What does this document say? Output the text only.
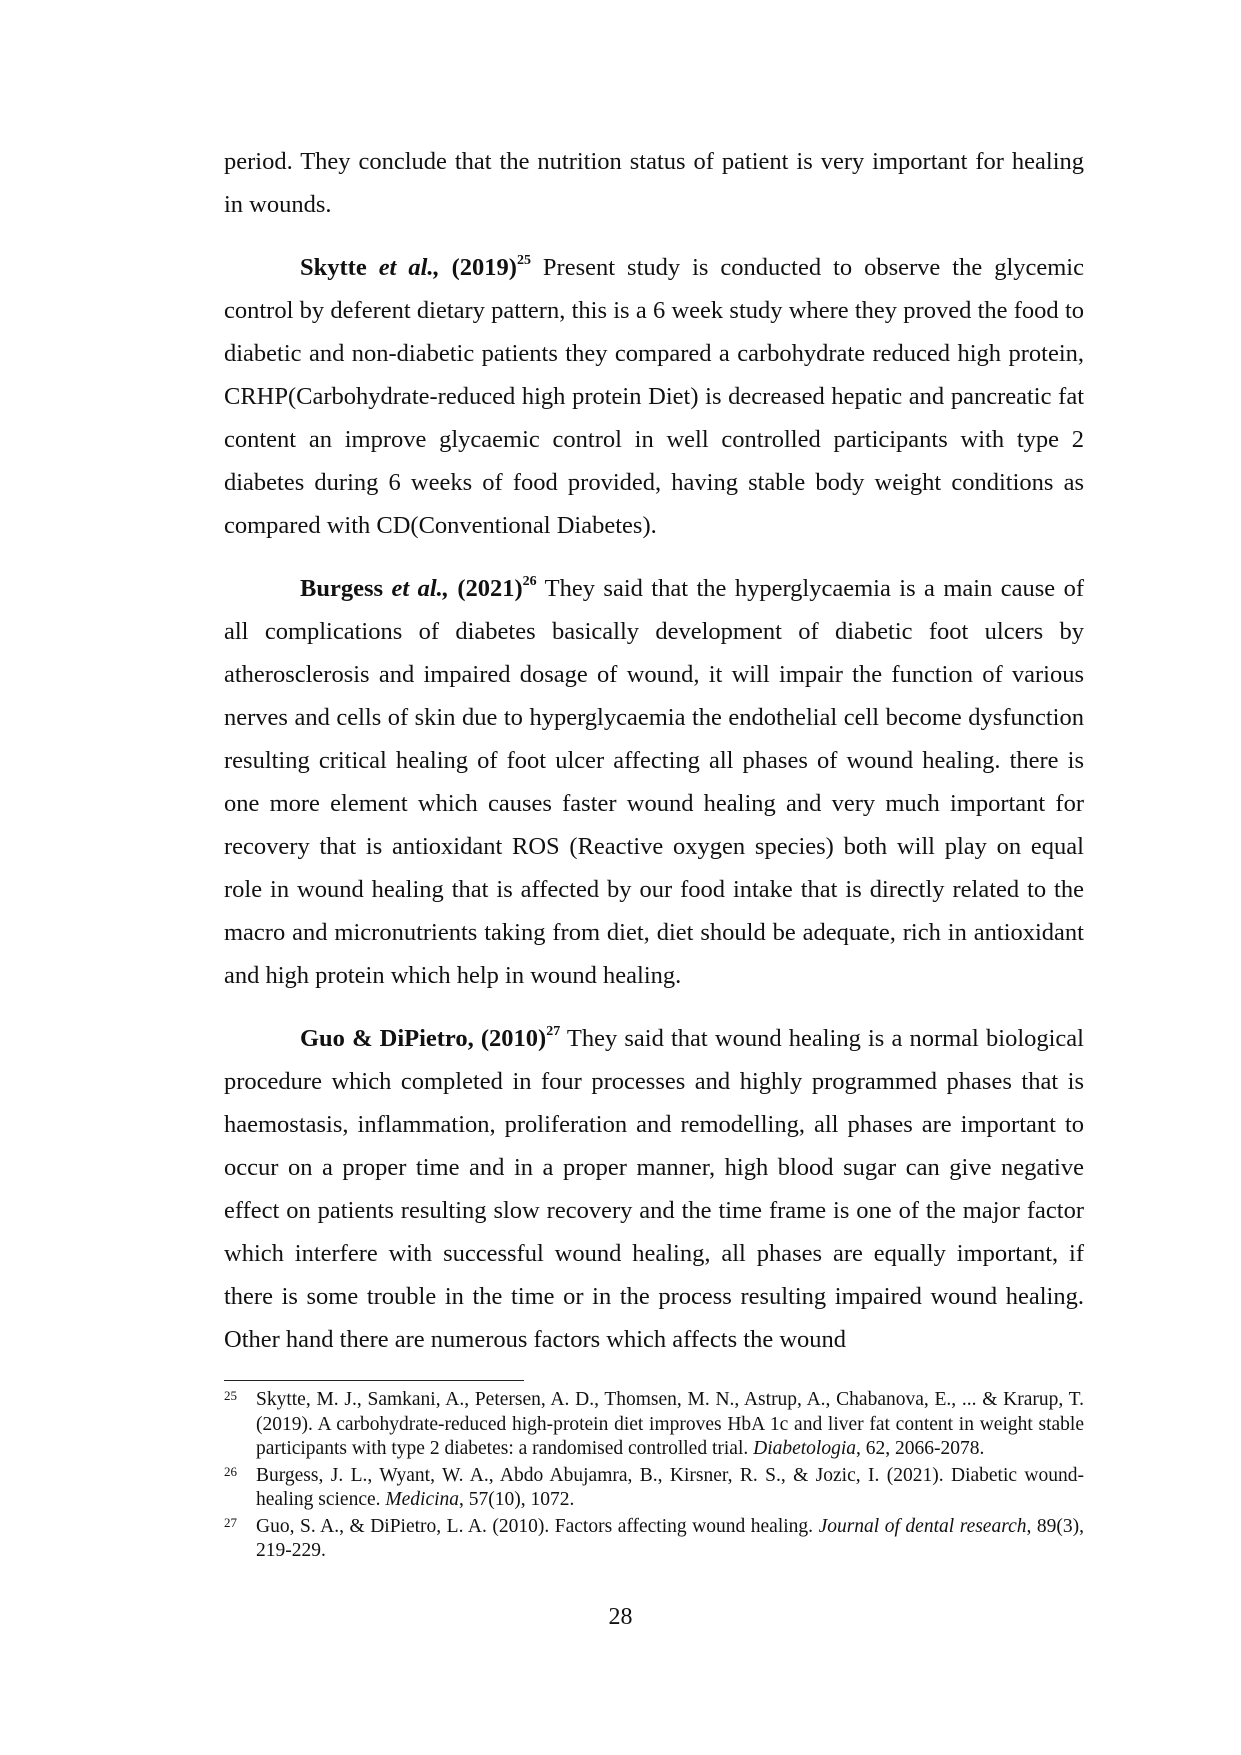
period. They conclude that the nutrition status of patient is very important for healing in wounds.

Skytte et al., (2019)$^{25}$ Present study is conducted to observe the glycemic control by deferent dietary pattern, this is a 6 week study where they proved the food to diabetic and non-diabetic patients they compared a carbohydrate reduced high protein, CRHP(Carbohydrate-reduced high protein Diet) is decreased hepatic and pancreatic fat content an improve glycaemic control in well controlled participants with type 2 diabetes during 6 weeks of food provided, having stable body weight conditions as compared with CD(Conventional Diabetes).

Burgess et al., (2021)$^{26}$ They said that the hyperglycaemia is a main cause of all complications of diabetes basically development of diabetic foot ulcers by atherosclerosis and impaired dosage of wound, it will impair the function of various nerves and cells of skin due to hyperglycaemia the endothelial cell become dysfunction resulting critical healing of foot ulcer affecting all phases of wound healing. there is one more element which causes faster wound healing and very much important for recovery that is antioxidant ROS (Reactive oxygen species) both will play on equal role in wound healing that is affected by our food intake that is directly related to the macro and micronutrients taking from diet, diet should be adequate, rich in antioxidant and high protein which help in wound healing.

Guo & DiPietro, (2010)$^{27}$ They said that wound healing is a normal biological procedure which completed in four processes and highly programmed phases that is haemostasis, inflammation, proliferation and remodelling, all phases are important to occur on a proper time and in a proper manner, high blood sugar can give negative effect on patients resulting slow recovery and the time frame is one of the major factor which interfere with successful wound healing, all phases are equally important, if there is some trouble in the time or in the process resulting impaired wound healing. Other hand there are numerous factors which affects the wound

25 Skytte, M. J., Samkani, A., Petersen, A. D., Thomsen, M. N., Astrup, A., Chabanova, E., ... & Krarup, T. (2019). A carbohydrate-reduced high-protein diet improves HbA 1c and liver fat content in weight stable participants with type 2 diabetes: a randomised controlled trial. Diabetologia, 62, 2066-2078.
26 Burgess, J. L., Wyant, W. A., Abdo Abujamra, B., Kirsner, R. S., & Jozic, I. (2021). Diabetic wound-healing science. Medicina, 57(10), 1072.
27 Guo, S. A., & DiPietro, L. A. (2010). Factors affecting wound healing. Journal of dental research, 89(3), 219-229.
28
